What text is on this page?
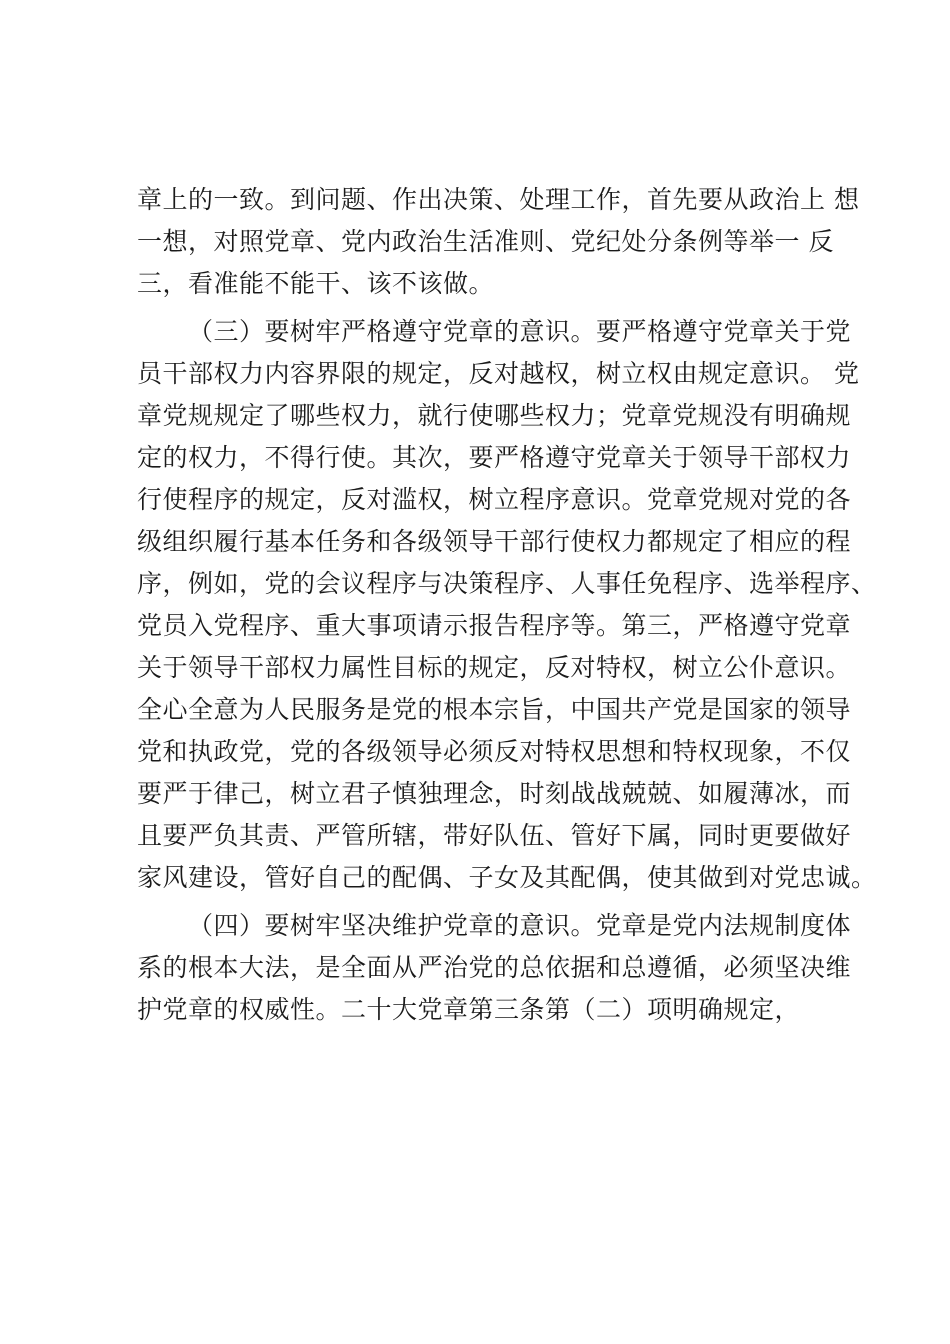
章上的一致。到问题、作出决策、处理工作，首先要从政治上 想
一想，对照党章、党内政治生活准则、党纪处分条例等举一 反
三，看准能不能干、该不该做。
（三）要树牢严格遵守党章的意识。要严格遵守党章关于党
员干部权力内容界限的规定，反对越权，树立权由规定意识。 党
章党规规定了哪些权力，就行使哪些权力；党章党规没有明确规
定的权力，不得行使。其次，要严格遵守党章关于领导干部权力
行使程序的规定，反对滥权，树立程序意识。党章党规对党的各
级组织履行基本任务和各级领导干部行使权力都规定了相应的程
序，例如，党的会议程序与决策程序、人事任免程序、选举程序、
党员入党程序、重大事项请示报告程序等。第三，严格遵守党章
关于领导干部权力属性目标的规定，反对特权，树立公仆意识。
全心全意为人民服务是党的根本宗旨，中国共产党是国家的领导
党和执政党，党的各级领导必须反对特权思想和特权现象，不仅
要严于律己，树立君子慎独理念，时刻战战兢兢、如履薄冰，而
且要严负其责、严管所辖，带好队伍、管好下属，同时更要做好
家风建设，管好自己的配偶、子女及其配偶，使其做到对党忠诚。
（四）要树牢坚决维护党章的意识。党章是党内法规制度体
系的根本大法，是全面从严治党的总依据和总遵循，必须坚决维
护党章的权威性。二十大党章第三条第（二）项明确规定，
